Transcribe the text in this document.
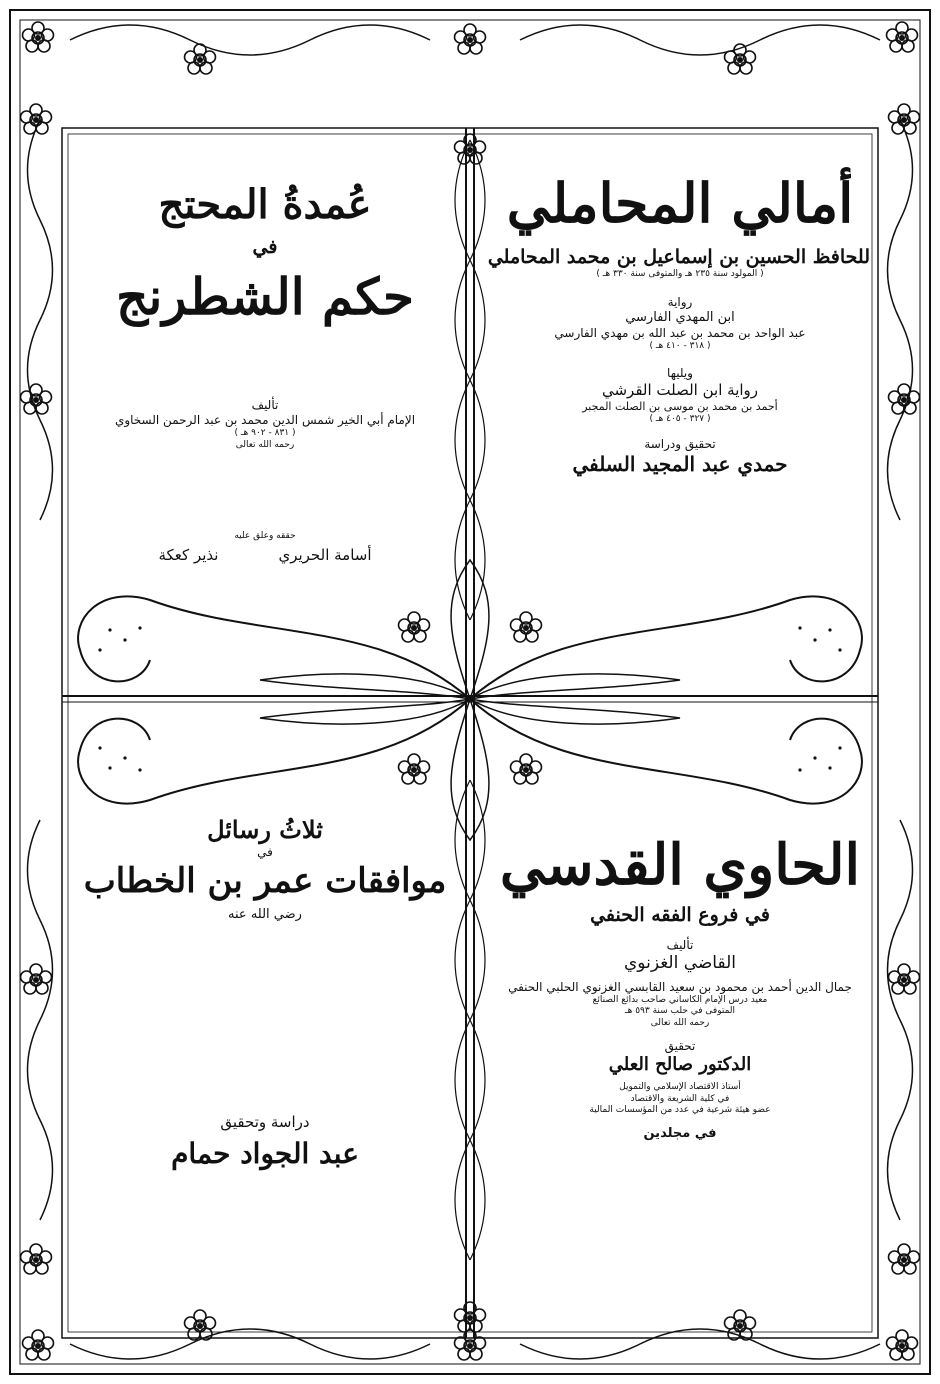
أمالي المحاملي
للحافظ الحسين بن إسماعيل بن محمد المحاملي
( المولود سنة ٢٣٥ هـ والمتوفى سنة ٣٣٠ هـ )
رواية
ابن المهدي الفارسي
عبد الواحد بن محمد بن عبد الله بن مهدي الفارسي
( ٣١٨ - ٤١٠ هـ )
ويليها
رواية ابن الصلت القرشي
أحمد بن محمد بن موسى بن الصلت المجبر
( ٣٢٧ - ٤٠٥ هـ )
تحقيق ودراسة
حمدي عبد المجيد السلفي
عُمدةُ المحتج
في
حكم الشطرنج
تأليف
الإمام أبي الخير شمس الدين محمد بن عبد الرحمن السخاوي
( ٨٣١ - ٩٠٢ هـ )
رحمه الله تعالى
حققه وعلق عليه
أسامة الحريري
نذير كعكة
الحاوي القدسي
في فروع الفقه الحنفي
تأليف
القاضي الغزنوي
جمال الدين أحمد بن محمود بن سعيد القابسي الغزنوي الحلبي الحنفي
معيد درس الإمام الكاساني صاحب بدائع الصنائع
المتوفى في حلب سنة ٥٩٣ هـ
رحمه الله تعالى
تحقيق
الدكتور صالح العلي
أستاذ الاقتصاد الإسلامي والتمويل
في كلية الشريعة والاقتصاد
عضو هيئة شرعية في عدد من المؤسسات المالية
في مجلدين
ثلاثُ رسائل
في
موافقات عمر بن الخطاب
رضي الله عنه
دراسة وتحقيق
عبد الجواد حمام
